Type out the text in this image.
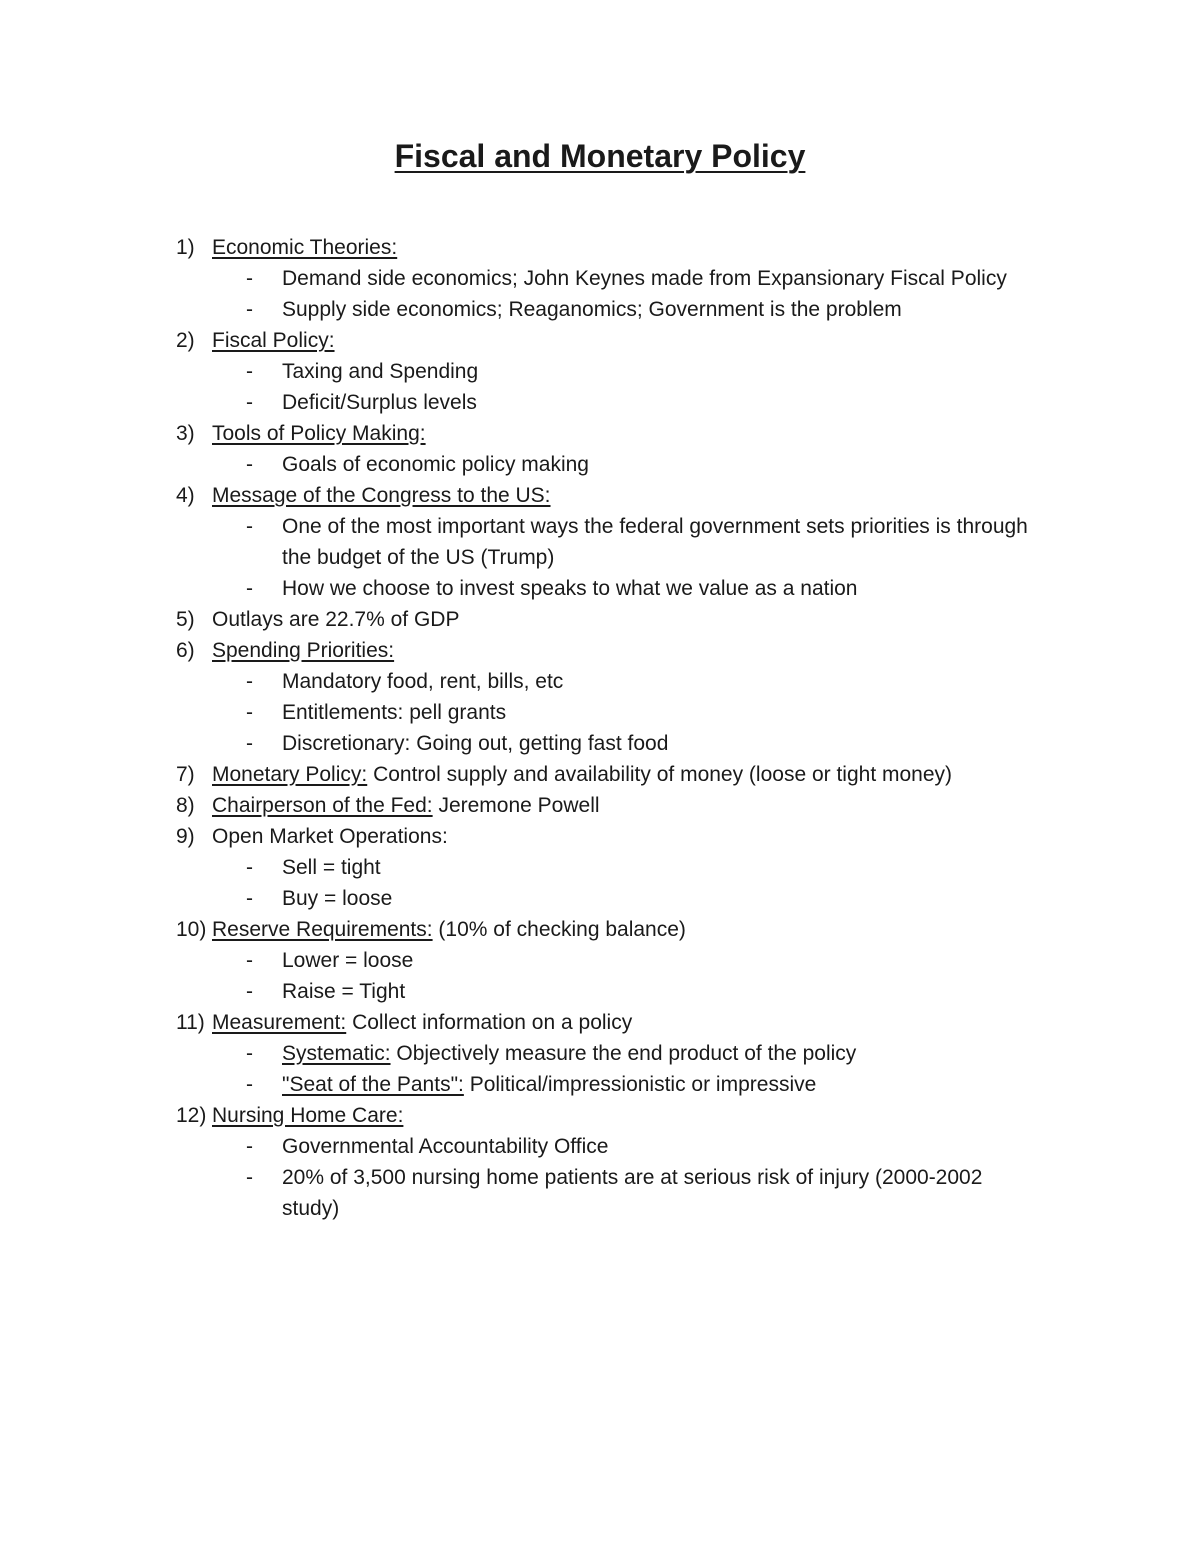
Fiscal and Monetary Policy
1) Economic Theories:
- Demand side economics; John Keynes made from Expansionary Fiscal Policy
- Supply side economics; Reaganomics; Government is the problem
2) Fiscal Policy:
- Taxing and Spending
- Deficit/Surplus levels
3) Tools of Policy Making:
- Goals of economic policy making
4) Message of the Congress to the US:
- One of the most important ways the federal government sets priorities is through the budget of the US (Trump)
- How we choose to invest speaks to what we value as a nation
5) Outlays are 22.7% of GDP
6) Spending Priorities:
- Mandatory food, rent, bills, etc
- Entitlements: pell grants
- Discretionary: Going out, getting fast food
7) Monetary Policy: Control supply and availability of money (loose or tight money)
8) Chairperson of the Fed: Jeremone Powell
9) Open Market Operations:
- Sell = tight
- Buy = loose
10) Reserve Requirements: (10% of checking balance)
- Lower = loose
- Raise = Tight
11) Measurement: Collect information on a policy
- Systematic: Objectively measure the end product of the policy
- "Seat of the Pants": Political/impressionistic or impressive
12) Nursing Home Care:
- Governmental Accountability Office
- 20% of 3,500 nursing home patients are at serious risk of injury (2000-2002 study)
